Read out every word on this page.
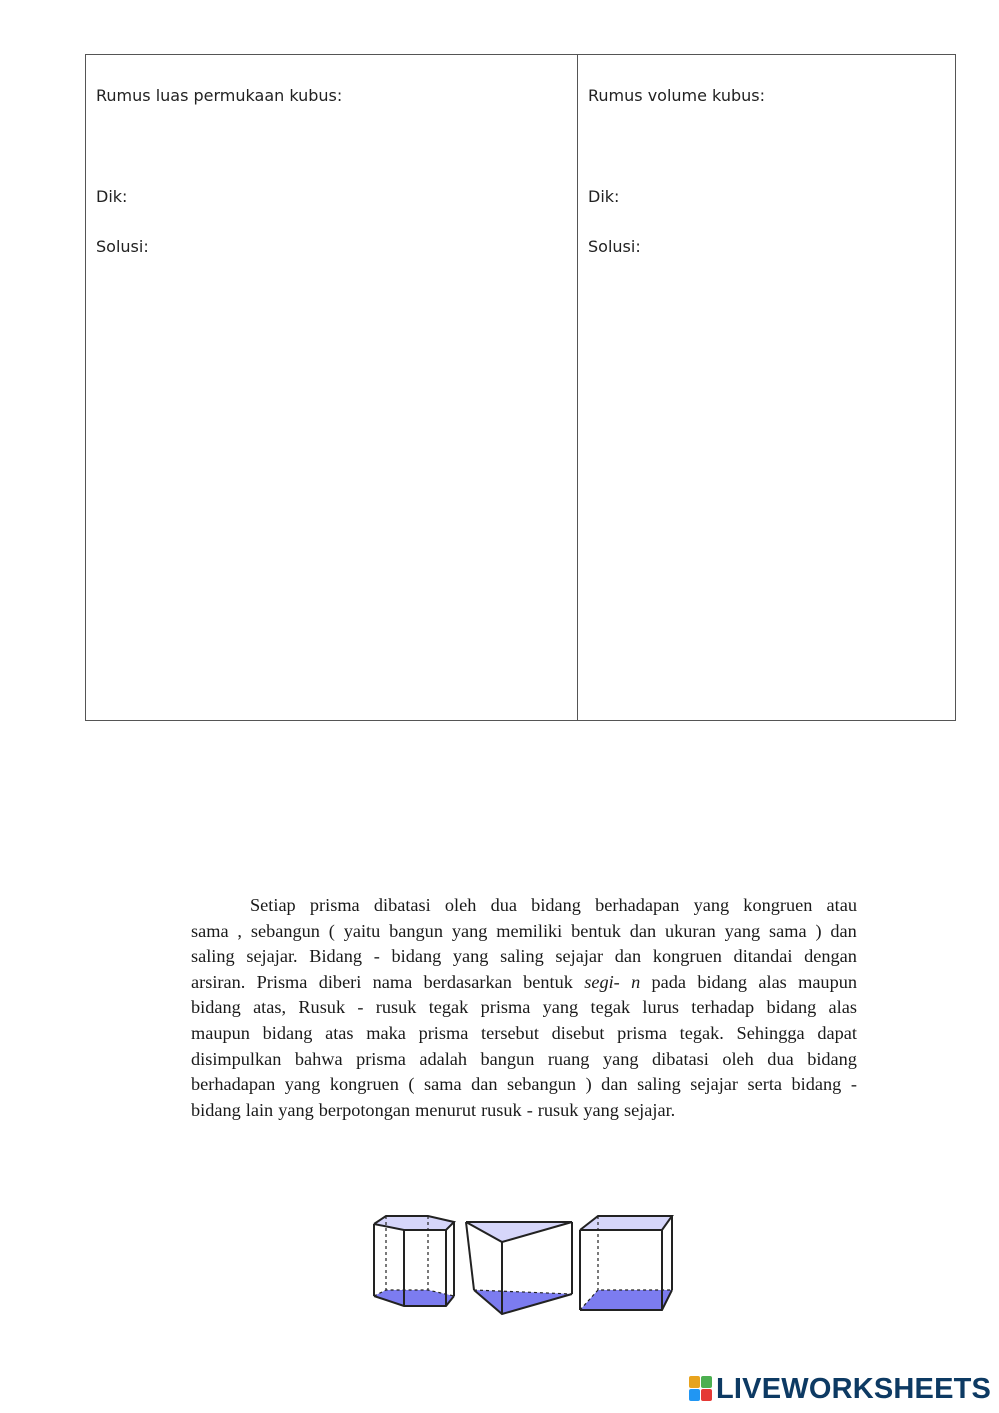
Rumus luas permukaan kubus:
Dik:
Solusi:
Rumus volume kubus:
Dik:
Solusi:
Setiap prisma dibatasi oleh dua bidang berhadapan yang kongruen atau
sama , sebangun ( yaitu bangun yang memiliki bentuk dan ukuran yang sama ) dan
saling sejajar. Bidang - bidang yang saling sejajar dan kongruen ditandai dengan
arsiran. Prisma diberi nama berdasarkan bentuk segi- n pada bidang alas maupun
bidang atas, Rusuk - rusuk tegak prisma yang tegak lurus terhadap bidang alas
maupun bidang atas maka prisma tersebut disebut prisma tegak. Sehingga dapat
disimpulkan bahwa prisma adalah bangun ruang yang dibatasi oleh dua bidang
berhadapan yang kongruen ( sama dan sebangun ) dan saling sejajar serta bidang -
bidang lain yang berpotongan menurut rusuk - rusuk yang sejajar.
LIVEWORKSHEETS
